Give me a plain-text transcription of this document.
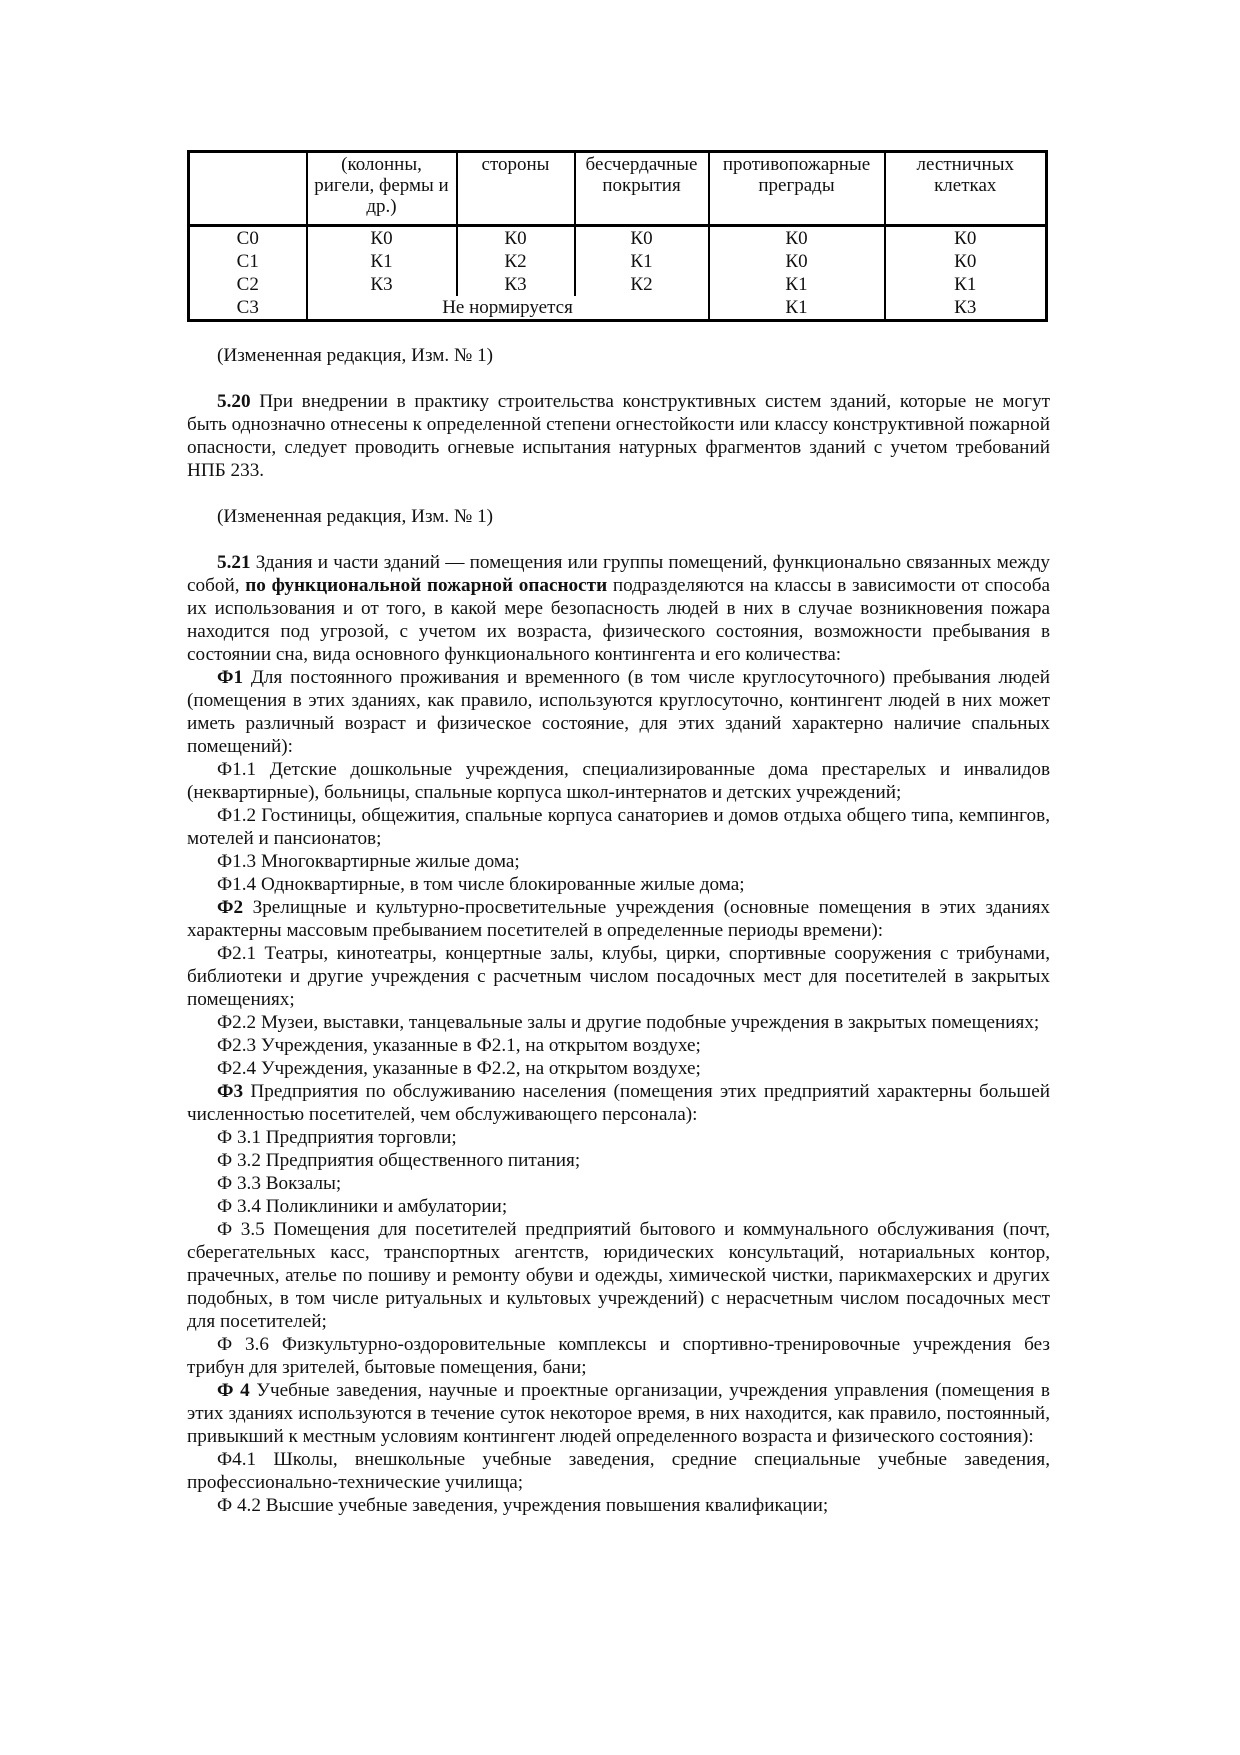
	(колонны, ригели, фермы и др.)	стороны	бесчердачные покрытия	противопожарные преграды	лестничных клетках
С0	К0	К0	К0	К0	К0
С1	К1	К2	К1	К0	К0
С2	К3	К3	К2	К1	К1
С3	Не нормируется			К1	К3

(Измененная редакция, Изм. № 1)

5.20 При внедрении в практику строительства конструктивных систем зданий, которые не могут быть однозначно отнесены к определенной степени огнестойкости или классу конструктивной пожарной опасности, следует проводить огневые испытания натурных фрагментов зданий с учетом требований НПБ 233.

(Измененная редакция, Изм. № 1)

5.21 Здания и части зданий — помещения или группы помещений, функционально связанных между собой, по функциональной пожарной опасности подразделяются на классы в зависимости от способа их использования и от того, в какой мере безопасность людей в них в случае возникновения пожара находится под угрозой, с учетом их возраста, физического состояния, возможности пребывания в состоянии сна, вида основного функционального контингента и его количества:

Ф1 Для постоянного проживания и временного (в том числе круглосуточного) пребывания людей (помещения в этих зданиях, как правило, используются круглосуточно, контингент людей в них может иметь различный возраст и физическое состояние, для этих зданий характерно наличие спальных помещений):

Ф1.1 Детские дошкольные учреждения, специализированные дома престарелых и инвалидов (неквартирные), больницы, спальные корпуса школ-интернатов и детских учреждений;

Ф1.2 Гостиницы, общежития, спальные корпуса санаториев и домов отдыха общего типа, кемпингов, мотелей и пансионатов;

Ф1.3 Многоквартирные жилые дома;

Ф1.4 Одноквартирные, в том числе блокированные жилые дома;

Ф2 Зрелищные и культурно-просветительные учреждения (основные помещения в этих зданиях характерны массовым пребыванием посетителей в определенные периоды времени):

Ф2.1 Театры, кинотеатры, концертные залы, клубы, цирки, спортивные сооружения с трибунами, библиотеки и другие учреждения с расчетным числом посадочных мест для посетителей в закрытых помещениях;

Ф2.2 Музеи, выставки, танцевальные залы и другие подобные учреждения в закрытых помещениях;

Ф2.3 Учреждения, указанные в Ф2.1, на открытом воздухе;

Ф2.4 Учреждения, указанные в Ф2.2, на открытом воздухе;

Ф3 Предприятия по обслуживанию населения (помещения этих предприятий характерны большей численностью посетителей, чем обслуживающего персонала):

Ф 3.1 Предприятия торговли;

Ф 3.2 Предприятия общественного питания;

Ф 3.3 Вокзалы;

Ф 3.4 Поликлиники и амбулатории;

Ф 3.5 Помещения для посетителей предприятий бытового и коммунального обслуживания (почт, сберегательных касс, транспортных агентств, юридических консультаций, нотариальных контор, прачечных, ателье по пошиву и ремонту обуви и одежды, химической чистки, парикмахерских и других подобных, в том числе ритуальных и культовых учреждений) с нерасчетным числом посадочных мест для посетителей;

Ф 3.6 Физкультурно-оздоровительные комплексы и спортивно-тренировочные учреждения без трибун для зрителей, бытовые помещения, бани;

Ф 4 Учебные заведения, научные и проектные организации, учреждения управления (помещения в этих зданиях используются в течение суток некоторое время, в них находится, как правило, постоянный, привыкший к местным условиям контингент людей определенного возраста и физического состояния):

Ф4.1 Школы, внешкольные учебные заведения, средние специальные учебные заведения, профессионально-технические училища;

Ф 4.2 Высшие учебные заведения, учреждения повышения квалификации;
